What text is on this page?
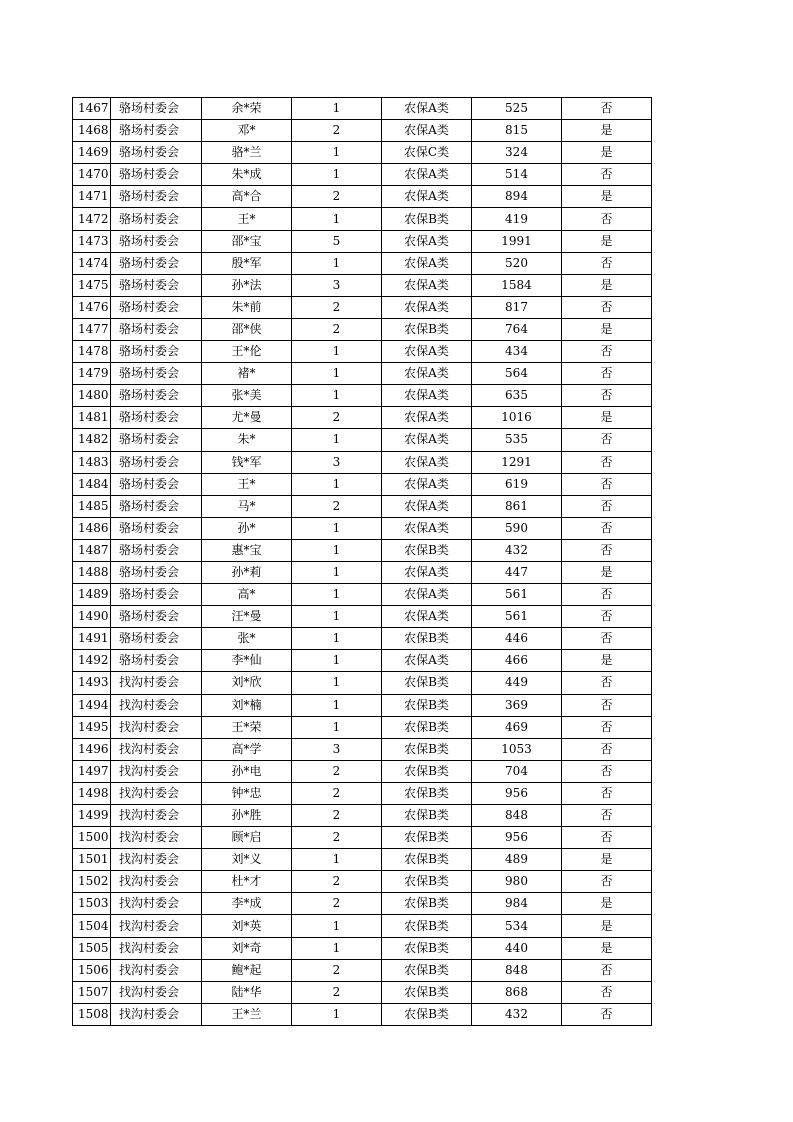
1467	骆场村委会	余*荣	1	农保A类	525	否
1468	骆场村委会	邓*	2	农保A类	815	是
1469	骆场村委会	骆*兰	1	农保C类	324	是
1470	骆场村委会	朱*成	1	农保A类	514	否
1471	骆场村委会	高*合	2	农保A类	894	是
1472	骆场村委会	王*	1	农保B类	419	否
1473	骆场村委会	邵*宝	5	农保A类	1991	是
1474	骆场村委会	殷*军	1	农保A类	520	否
1475	骆场村委会	孙*法	3	农保A类	1584	是
1476	骆场村委会	朱*前	2	农保A类	817	否
1477	骆场村委会	邵*侠	2	农保B类	764	是
1478	骆场村委会	王*伦	1	农保A类	434	否
1479	骆场村委会	褚*	1	农保A类	564	否
1480	骆场村委会	张*美	1	农保A类	635	否
1481	骆场村委会	尤*曼	2	农保A类	1016	是
1482	骆场村委会	朱*	1	农保A类	535	否
1483	骆场村委会	钱*军	3	农保A类	1291	否
1484	骆场村委会	王*	1	农保A类	619	否
1485	骆场村委会	马*	2	农保A类	861	否
1486	骆场村委会	孙*	1	农保A类	590	否
1487	骆场村委会	惠*宝	1	农保B类	432	否
1488	骆场村委会	孙*莉	1	农保A类	447	是
1489	骆场村委会	高*	1	农保A类	561	否
1490	骆场村委会	汪*曼	1	农保A类	561	否
1491	骆场村委会	张*	1	农保B类	446	否
1492	骆场村委会	李*仙	1	农保A类	466	是
1493	找沟村委会	刘*欣	1	农保B类	449	否
1494	找沟村委会	刘*楠	1	农保B类	369	否
1495	找沟村委会	王*荣	1	农保B类	469	否
1496	找沟村委会	高*学	3	农保B类	1053	否
1497	找沟村委会	孙*电	2	农保B类	704	否
1498	找沟村委会	钟*忠	2	农保B类	956	否
1499	找沟村委会	孙*胜	2	农保B类	848	否
1500	找沟村委会	顾*启	2	农保B类	956	否
1501	找沟村委会	刘*义	1	农保B类	489	是
1502	找沟村委会	杜*才	2	农保B类	980	否
1503	找沟村委会	李*成	2	农保B类	984	是
1504	找沟村委会	刘*英	1	农保B类	534	是
1505	找沟村委会	刘*奇	1	农保B类	440	是
1506	找沟村委会	鲍*起	2	农保B类	848	否
1507	找沟村委会	陆*华	2	农保B类	868	否
1508	找沟村委会	王*兰	1	农保B类	432	否
